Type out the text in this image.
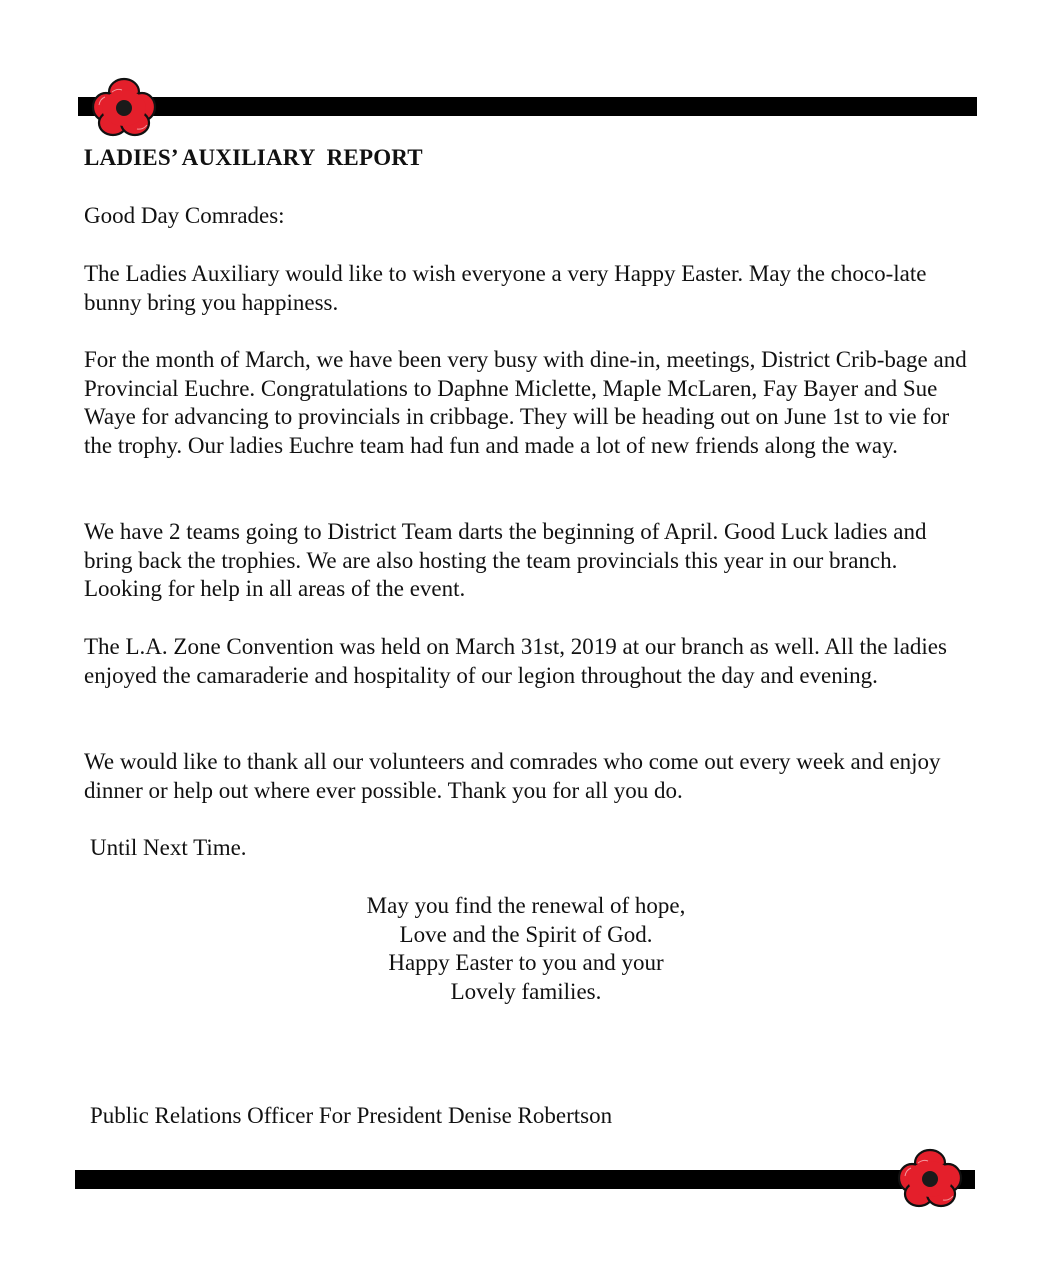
LADIES’ AUXILIARY  REPORT
Good Day Comrades:
The Ladies Auxiliary would like to wish everyone a very Happy Easter. May the choco-late bunny bring you happiness.
For the month of March, we have been very busy with dine-in, meetings, District Crib-bage and Provincial Euchre. Congratulations to Daphne Miclette, Maple McLaren, Fay Bayer and Sue Waye for advancing to provincials in cribbage. They will be heading out on June 1st to vie for the trophy. Our ladies Euchre team had fun and made a lot of new friends along the way.
We have 2 teams going to District Team darts the beginning of April. Good Luck ladies and bring back the trophies. We are also hosting the team provincials this year in our branch. Looking for help in all areas of the event.
The L.A. Zone Convention was held on March 31st, 2019 at our branch as well. All the ladies enjoyed the camaraderie and hospitality of our legion throughout the day and evening.
We would like to thank all our volunteers and comrades who come out every week and enjoy dinner or help out where ever possible. Thank you for all you do.
Until Next Time.
May you find the renewal of hope,
Love and the Spirit of God.
Happy Easter to you and your
Lovely families.
Public Relations Officer For President Denise Robertson
